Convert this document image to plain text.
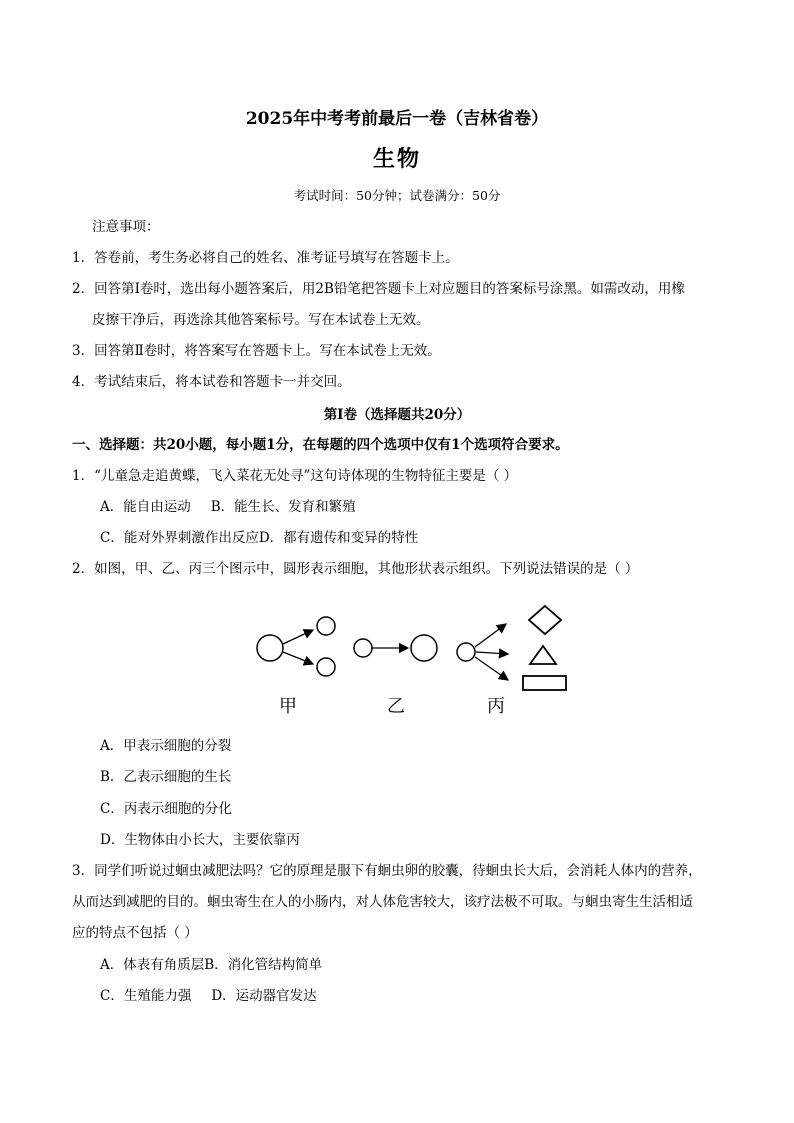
2025年中考考前最后一卷（吉林省卷）
生物
考试时间：50分钟；试卷满分：50分
注意事项：
1．答卷前，考生务必将自己的姓名、准考证号填写在答题卡上。
2．回答第Ⅰ卷时，选出每小题答案后，用2B铅笔把答题卡上对应题目的答案标号涂黑。如需改动，用橡
皮擦干净后，再选涂其他答案标号。写在本试卷上无效。
3．回答第Ⅱ卷时，将答案写在答题卡上。写在本试卷上无效。
4．考试结束后，将本试卷和答题卡一并交回。
第Ⅰ卷（选择题共20分）
一、选择题：共20小题，每小题1分，在每题的四个选项中仅有1个选项符合要求。
1．“儿童急走追黄蝶，飞入菜花无处寻”这句诗体现的生物特征主要是（ ）
A．能自由运动 B．能生长、发育和繁殖
C．能对外界刺激作出反应D．都有遗传和变异的特性
2．如图，甲、乙、丙三个图示中，圆形表示细胞，其他形状表示组织。下列说法错误的是（ ）
甲	乙	丙
A．甲表示细胞的分裂
B．乙表示细胞的生长
C．丙表示细胞的分化
D．生物体由小长大，主要依靠丙
3．同学们听说过蛔虫减肥法吗？它的原理是服下有蛔虫卵的胶囊，待蛔虫长大后，会消耗人体内的营养，
从而达到减肥的目的。蛔虫寄生在人的小肠内，对人体危害较大，该疗法极不可取。与蛔虫寄生生活相适
应的特点不包括（ ）
A．体表有角质层B．消化管结构简单
C．生殖能力强 D．运动器官发达
